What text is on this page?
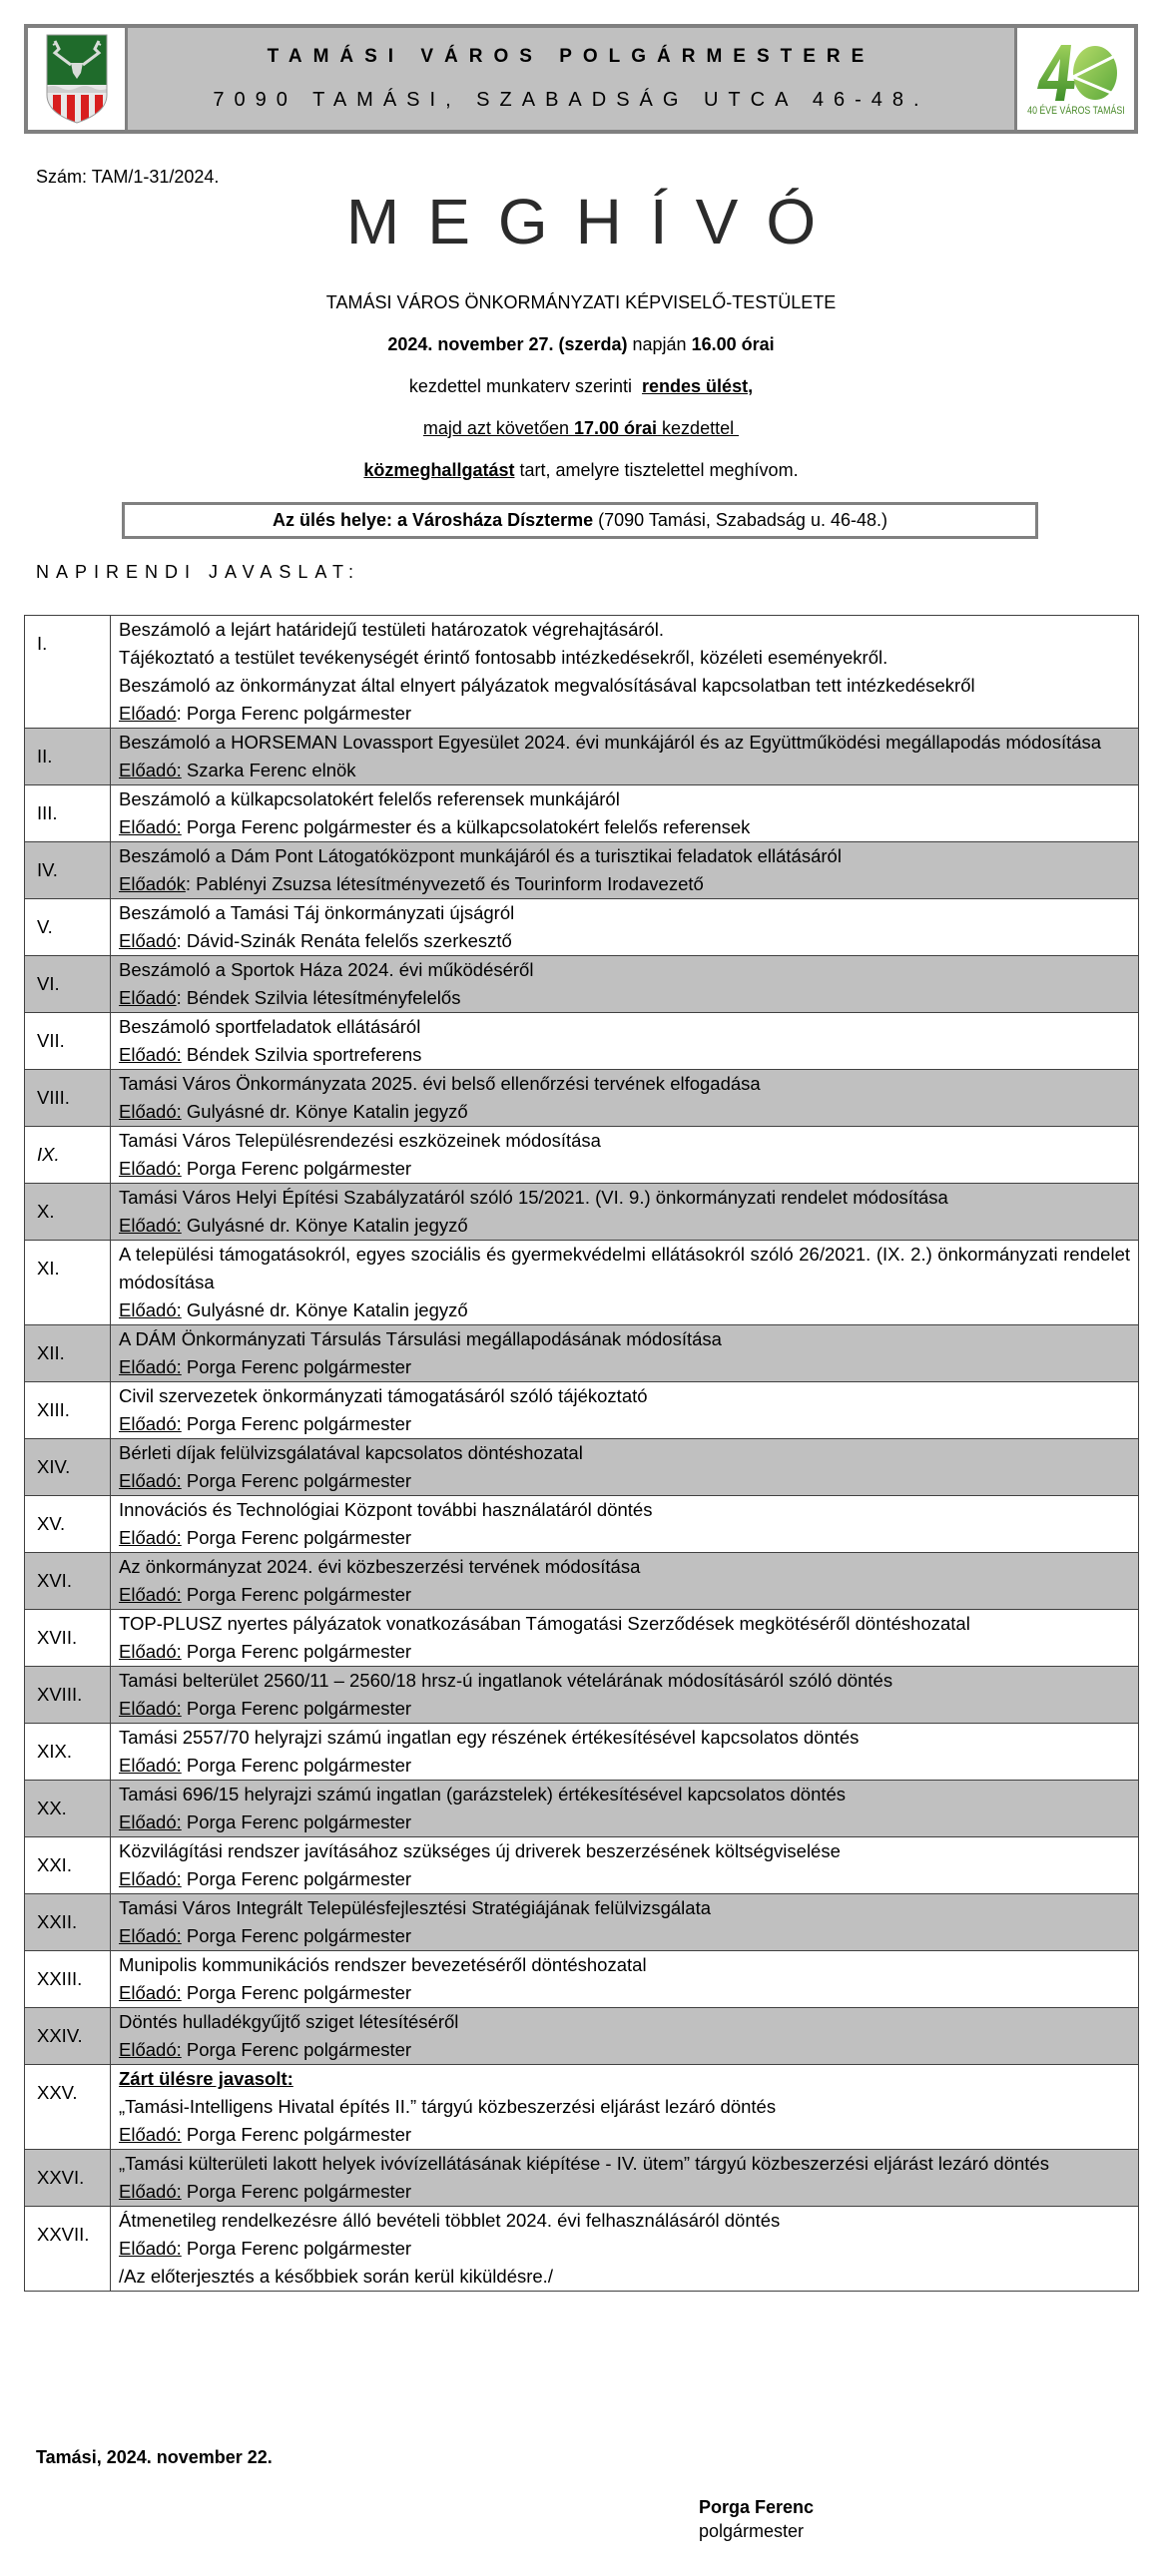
TAMÁSI VÁROS POLGÁRMESTERE
7090 TAMÁSI, SZABADSÁG UTCA 46-48.
40 ÉVE VÁROS TAMÁSI
Szám: TAM/1-31/2024.
MEGHÍVÓ
TAMÁSI VÁROS ÖNKORMÁNYZATI KÉPVISELŐ-TESTÜLETE
2024. november 27. (szerda) napján 16.00 órai
kezdettel munkaterv szerinti  rendes ülést,
majd azt követően 17.00 órai kezdettel
közmeghallgatást tart, amelyre tisztelettel meghívom.
Az ülés helye: a Városháza Díszterme (7090 Tamási, Szabadság u. 46-48.)
NAPIRENDI JAVASLAT:
I.	Beszámoló a lejárt határidejű testületi határozatok végrehajtásáról.
Tájékoztató a testület tevékenységét érintő fontosabb intézkedésekről, közéleti eseményekről.
Beszámoló az önkormányzat által elnyert pályázatok megvalósításával kapcsolatban tett intézkedésekről
Előadó: Porga Ferenc polgármester

II.	Beszámoló a HORSEMAN Lovassport Egyesület 2024. évi munkájáról és az Együttműködési megállapodás módosítása
Előadó: Szarka Ferenc elnök

III.	Beszámoló a külkapcsolatokért felelős referensek munkájáról
Előadó: Porga Ferenc polgármester és a külkapcsolatokért felelős referensek

IV.	Beszámoló a Dám Pont Látogatóközpont munkájáról és a turisztikai feladatok ellátásáról
Előadók: Pablényi Zsuzsa létesítményvezető és Tourinform Irodavezető

V.	Beszámoló a Tamási Táj önkormányzati újságról
Előadó: Dávid-Szinák Renáta felelős szerkesztő

VI.	Beszámoló a Sportok Háza 2024. évi működéséről
Előadó: Béndek Szilvia létesítményfelelős

VII.	Beszámoló sportfeladatok ellátásáról
Előadó: Béndek Szilvia sportreferens

VIII.	Tamási Város Önkormányzata 2025. évi belső ellenőrzési tervének elfogadása
Előadó: Gulyásné dr. Könye Katalin jegyző

IX.	Tamási Város Településrendezési eszközeinek módosítása
Előadó: Porga Ferenc polgármester

X.	Tamási Város Helyi Építési Szabályzatáról szóló 15/2021. (VI. 9.) önkormányzati rendelet módosítása
Előadó: Gulyásné dr. Könye Katalin jegyző

XI.	A települési támogatásokról, egyes szociális és gyermekvédelmi ellátásokról szóló 26/2021. (IX. 2.) önkormányzati rendelet módosítása
Előadó: Gulyásné dr. Könye Katalin jegyző

XII.	A DÁM Önkormányzati Társulás Társulási megállapodásának módosítása
Előadó: Porga Ferenc polgármester

XIII.	Civil szervezetek önkormányzati támogatásáról szóló tájékoztató
Előadó: Porga Ferenc polgármester

XIV.	Bérleti díjak felülvizsgálatával kapcsolatos döntéshozatal
Előadó: Porga Ferenc polgármester

XV.	Innovációs és Technológiai Központ további használatáról döntés
Előadó: Porga Ferenc polgármester

XVI.	Az önkormányzat 2024. évi közbeszerzési tervének módosítása
Előadó: Porga Ferenc polgármester

XVII.	TOP-PLUSZ nyertes pályázatok vonatkozásában Támogatási Szerződések megkötéséről döntéshozatal
Előadó: Porga Ferenc polgármester

XVIII.	Tamási belterület 2560/11 – 2560/18 hrsz-ú ingatlanok vételárának módosításáról szóló döntés
Előadó: Porga Ferenc polgármester

XIX.	Tamási 2557/70 helyrajzi számú ingatlan egy részének értékesítésével kapcsolatos döntés
Előadó: Porga Ferenc polgármester

XX.	Tamási 696/15 helyrajzi számú ingatlan (garázstelek) értékesítésével kapcsolatos döntés
Előadó: Porga Ferenc polgármester

XXI.	Közvilágítási rendszer javításához szükséges új driverek beszerzésének költségviselése
Előadó: Porga Ferenc polgármester

XXII.	Tamási Város Integrált Településfejlesztési Stratégiájának felülvizsgálata
Előadó: Porga Ferenc polgármester

XXIII.	Munipolis kommunikációs rendszer bevezetéséről döntéshozatal
Előadó: Porga Ferenc polgármester

XXIV.	Döntés hulladékgyűjtő sziget létesítéséről
Előadó: Porga Ferenc polgármester

XXV.	Zárt ülésre javasolt:
„Tamási-Intelligens Hivatal építés II.” tárgyú közbeszerzési eljárást lezáró döntés
Előadó: Porga Ferenc polgármester

XXVI.	„Tamási külterületi lakott helyek ivóvízellátásának kiépítése - IV. ütem” tárgyú közbeszerzési eljárást lezáró döntés
Előadó: Porga Ferenc polgármester

XXVII.	Átmenetileg rendelkezésre álló bevételi többlet 2024. évi felhasználásáról döntés
Előadó: Porga Ferenc polgármester
/Az előterjesztés a későbbiek során kerül kiküldésre./
Tamási, 2024. november 22.
Porga Ferenc
polgármester
